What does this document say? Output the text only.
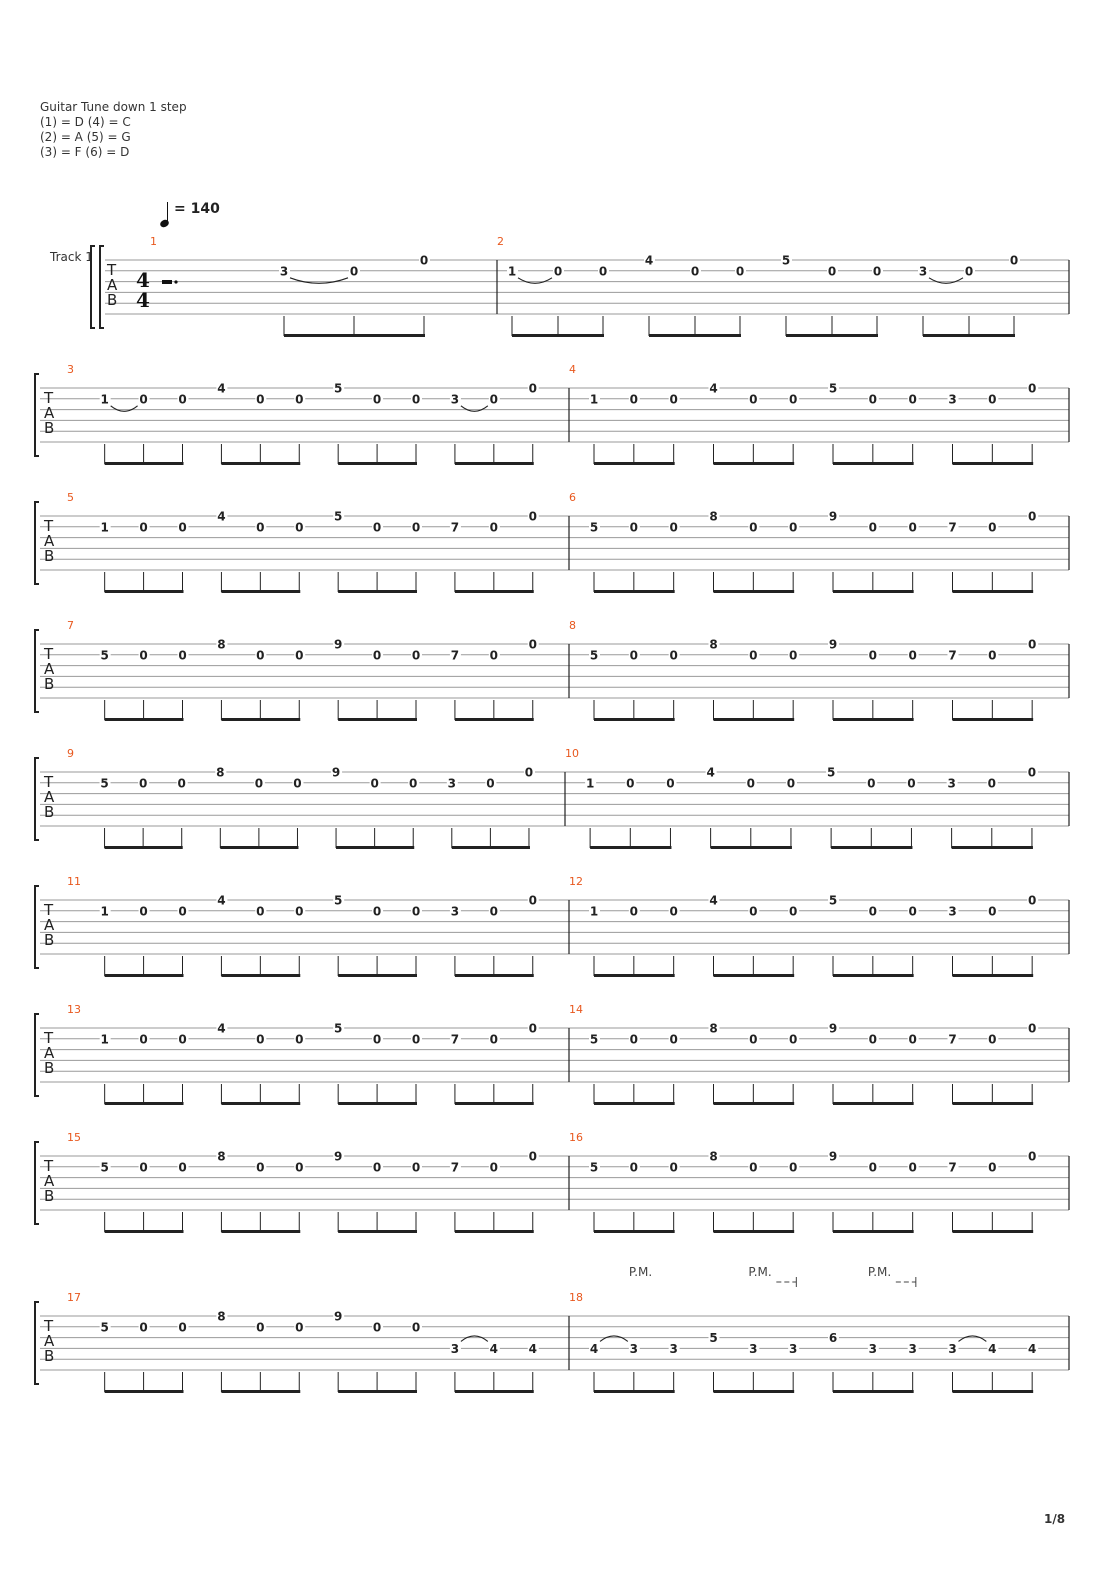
Guitar Tune down 1 step
(1) = D (4) = C
(2) = A (5) = G
(3) = F (6) = D
= 140
Track 1
T
A
B
4
4
1
3	0
0
2
1	0	0
4
0	0
5
0	0	3	0
0
T
A
B
3
1	0	0
4
0	0
5
0	0	3	0
0
4
1	0	0
4
0	0
5
0	0	3	0
0
T
A
B
5
1	0	0
4
0	0
5
0	0	7	0
0
6
5	0	0
8
0	0
9
0	0	7	0
0
T
A
B
7
5	0	0
8
0	0
9
0	0	7	0
0
8
5	0	0
8
0	0
9
0	0	7	0
0
T
A
B
9
5	0	0
8
0	0
9
0	0	3	0
0
10
1	0	0
4
0	0
5
0	0	3	0
0
T
A
B
11
1	0	0
4
0	0
5
0	0	3	0
0
12
1	0	0
4
0	0
5
0	0	3	0
0
T
A
B
13
1	0	0
4
0	0
5
0	0	7	0
0
14
5	0	0
8
0	0
9
0	0	7	0
0
T
A
B
15
5	0	0
8
0	0
9
0	0	7	0
0
16
5	0	0
8
0	0
9
0	0	7	0
0
T
A
B
17
5	0	0
8
0	0
9
0	0
3	4	4
18
4	3	3
5
3	3
6
3	3	3	4	4
P.M.	P.M.	P.M.
1/8
